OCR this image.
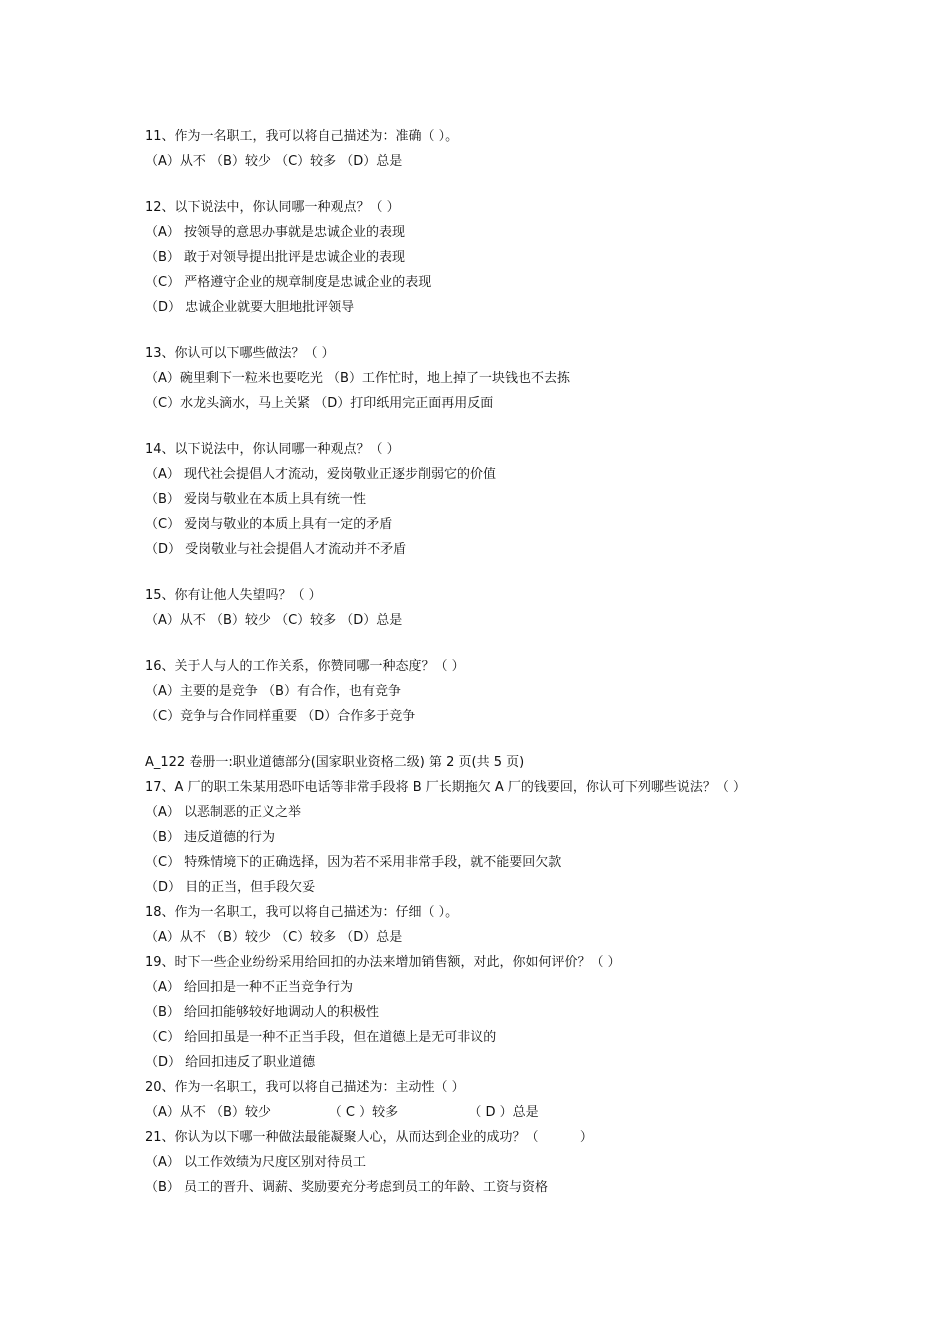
11、作为一名职工，我可以将自己描述为：准确（ ）。
（A）从不 （B）较少 （C）较多 （D）总是
12、以下说法中，你认同哪一种观点？（ ）
（A） 按领导的意思办事就是忠诚企业的表现
（B） 敢于对领导提出批评是忠诚企业的表现
（C） 严格遵守企业的规章制度是忠诚企业的表现
（D） 忠诚企业就要大胆地批评领导
13、你认可以下哪些做法？（ ）
（A）碗里剩下一粒米也要吃光 （B）工作忙时，地上掉了一块钱也不去拣
（C）水龙头滴水，马上关紧 （D）打印纸用完正面再用反面
14、以下说法中，你认同哪一种观点？（ ）
（A） 现代社会提倡人才流动，爱岗敬业正逐步削弱它的价值
（B） 爱岗与敬业在本质上具有统一性
（C） 爱岗与敬业的本质上具有一定的矛盾
（D） 受岗敬业与社会提倡人才流动并不矛盾
15、你有让他人失望吗？（ ）
（A）从不 （B）较少 （C）较多 （D）总是
16、关于人与人的工作关系，你赞同哪一种态度？（ ）
（A）主要的是竞争 （B）有合作，也有竞争
（C）竞争与合作同样重要 （D）合作多于竞争
A_122 卷册一:职业道德部分(国家职业资格二级) 第 2 页(共 5 页)
17、A 厂的职工朱某用恐吓电话等非常手段将 B 厂长期拖欠 A 厂的钱要回，你认可下列哪些说法？（ ）
（A） 以恶制恶的正义之举
（B） 违反道德的行为
（C） 特殊情境下的正确选择，因为若不采用非常手段，就不能要回欠款
（D） 目的正当，但手段欠妥
18、作为一名职工，我可以将自己描述为：仔细（ ）。
（A）从不 （B）较少 （C）较多 （D）总是
19、时下一些企业纷纷采用给回扣的办法来增加销售额，对此，你如何评价？（ ）
（A） 给回扣是一种不正当竞争行为
（B） 给回扣能够较好地调动人的积极性
（C） 给回扣虽是一种不正当手段，但在道德上是无可非议的
（D） 给回扣违反了职业道德
20、作为一名职工，我可以将自己描述为：主动性（ ）
（A）从不 （B）较少              （ C ）较多                 （ D ）总是
21、你认为以下哪一种做法最能凝聚人心，从而达到企业的成功？（          ）
（A） 以工作效绩为尺度区别对待员工
（B） 员工的晋升、调薪、奖励要充分考虑到员工的年龄、工资与资格
